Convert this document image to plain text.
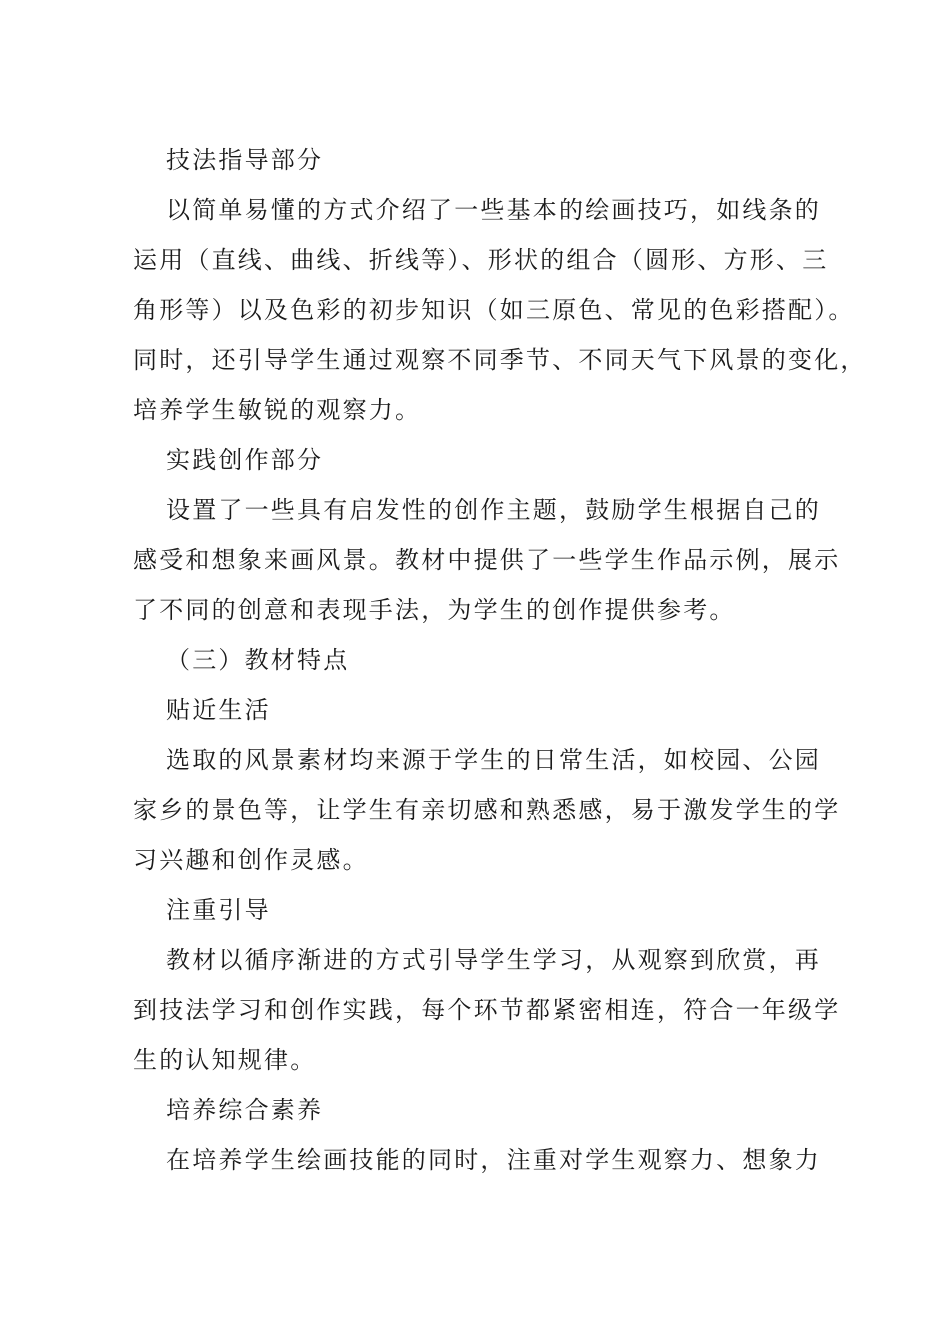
技法指导部分
以简单易懂的方式介绍了一些基本的绘画技巧，如线条的
运用（直线、曲线、折线等）、形状的组合（圆形、方形、三
角形等）以及色彩的初步知识（如三原色、常见的色彩搭配）。
同时，还引导学生通过观察不同季节、不同天气下风景的变化，
培养学生敏锐的观察力。
实践创作部分
设置了一些具有启发性的创作主题，鼓励学生根据自己的
感受和想象来画风景。教材中提供了一些学生作品示例，展示
了不同的创意和表现手法，为学生的创作提供参考。
（三）教材特点
贴近生活
选取的风景素材均来源于学生的日常生活，如校园、公园
家乡的景色等，让学生有亲切感和熟悉感，易于激发学生的学
习兴趣和创作灵感。
注重引导
教材以循序渐进的方式引导学生学习，从观察到欣赏，再
到技法学习和创作实践，每个环节都紧密相连，符合一年级学
生的认知规律。
培养综合素养
在培养学生绘画技能的同时，注重对学生观察力、想象力
